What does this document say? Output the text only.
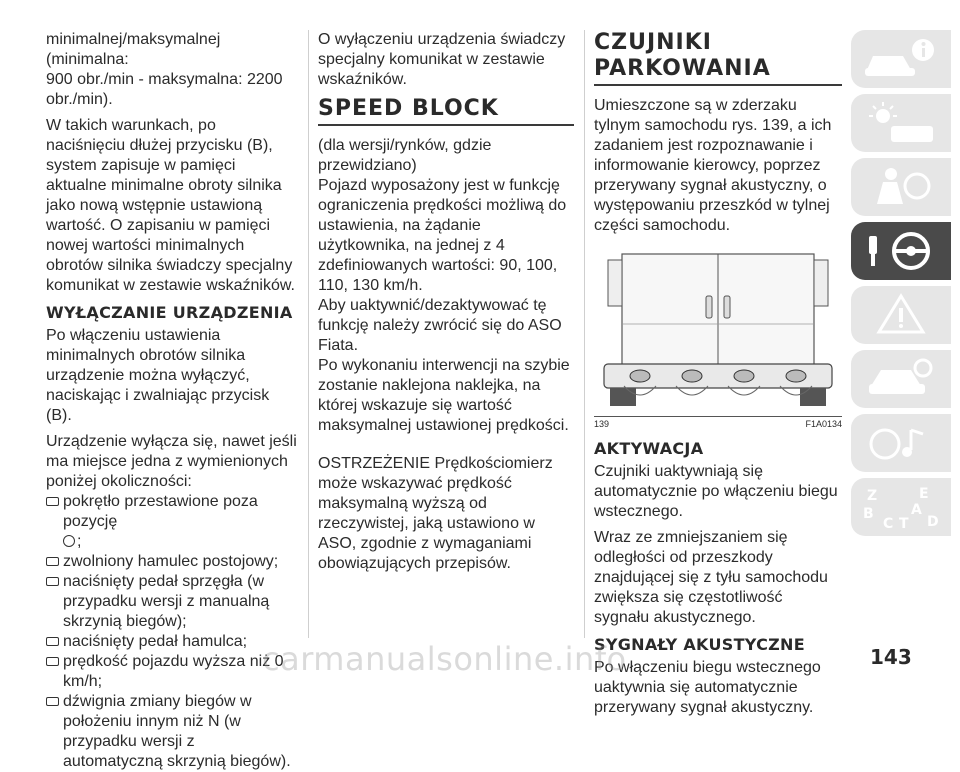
minimalnej/maksymalnej (minimalna:

900 obr./min - maksymalna: 2200 obr./min).

W takich warunkach, po naciśnięciu dłużej przycisku (B), system zapisuje w pamięci aktualne minimalne obroty silnika jako nową wstępnie ustawioną wartość. O zapisaniu w pamięci nowej wartości minimalnych obrotów silnika świadczy specjalny komunikat w zestawie wskaźników.

WYŁĄCZANIE URZĄDZENIA

Po włączeniu ustawienia minimalnych obrotów silnika urządzenie można wyłączyć, naciskając i zwalniając przycisk (B).

Urządzenie wyłącza się, nawet jeśli ma miejsce jedna z wymienionych poniżej okoliczności:

pokrętło przestawione poza pozycję
;
zwolniony hamulec postojowy;
naciśnięty pedał sprzęgła (w przypadku wersji z manualną skrzynią biegów);
naciśnięty pedał hamulca;
prędkość pojazdu wyższa niż 0 km/h;
dźwignia zmiany biegów w położeniu innym niż N (w przypadku wersji z automatyczną skrzynią biegów).

O wyłączeniu urządzenia świadczy specjalny komunikat w zestawie wskaźników.

SPEED BLOCK

(dla wersji/rynków, gdzie przewidziano)

Pojazd wyposażony jest w funkcję ograniczenia prędkości możliwą do ustawienia, na żądanie użytkownika, na jednej z 4 zdefiniowanych wartości: 90, 100, 110, 130 km/h.

Aby uaktywnić/dezaktywować tę funkcję należy zwrócić się do ASO Fiata.

Po wykonaniu interwencji na szybie zostanie naklejona naklejka, na której wskazuje się wartość maksymalnej ustawionej prędkości.

OSTRZEŻENIE Prędkościomierz może wskazywać prędkość maksymalną wyższą od rzeczywistej, jaką ustawiono w ASO, zgodnie z wymaganiami obowiązujących przepisów.

CZUJNIKI PARKOWANIA

Umieszczone są w zderzaku tylnym samochodu rys. 139, a ich zadaniem jest rozpoznawanie i informowanie kierowcy, poprzez przerywany sygnał akustyczny, o występowaniu przeszkód w tylnej części samochodu.

139	F1A0134
AKTYWACJA

Czujniki uaktywniają się automatycznie po włączeniu biegu wstecznego.

Wraz ze zmniejszaniem się odległości od przeszkody znajdującej się z tyłu samochodu zwiększa się częstotliwość sygnału akustycznego.

SYGNAŁY AKUSTYCZNE

Po włączeniu biegu wstecznego uaktywnia się automatycznie przerywany sygnał akustyczny.

Z	E
B	A
C T D
143
carmanualsonline.info
